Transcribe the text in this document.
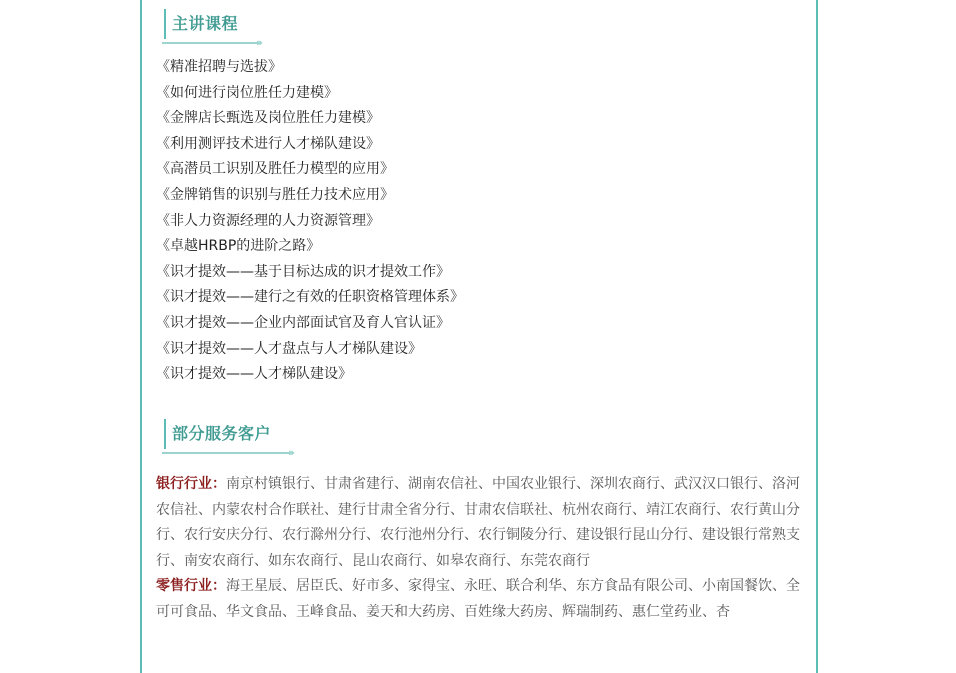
主讲课程
›››
《精准招聘与选拔》
《如何进行岗位胜任力建模》
《金牌店长甄选及岗位胜任力建模》
《利用测评技术进行人才梯队建设》
《高潜员工识别及胜任力模型的应用》
《金牌销售的识别与胜任力技术应用》
《非人力资源经理的人力资源管理》
《卓越HRBP的进阶之路》
《识才提效——基于目标达成的识才提效工作》
《识才提效——建行之有效的任职资格管理体系》
《识才提效——企业内部面试官及育人官认证》
《识才提效——人才盘点与人才梯队建设》
《识才提效——人才梯队建设》
部分服务客户
›››

银行行业：南京村镇银行、甘肃省建行、湖南农信社、中国农业银行、深圳农商行、武汉汉口银行、洛河农信社、内蒙农村合作联社、建行甘肃全省分行、甘肃农信联社、杭州农商行、靖江农商行、农行黄山分行、农行安庆分行、农行滁州分行、农行池州分行、农行铜陵分行、建设银行昆山分行、建设银行常熟支行、南安农商行、如东农商行、昆山农商行、如皋农商行、东莞农商行

零售行业：海王星辰、居臣氏、好市多、家得宝、永旺、联合利华、东方食品有限公司、小南国餐饮、全可可食品、华文食品、王峰食品、姜天和大药房、百姓缘大药房、辉瑞制药、惠仁堂药业、杏
